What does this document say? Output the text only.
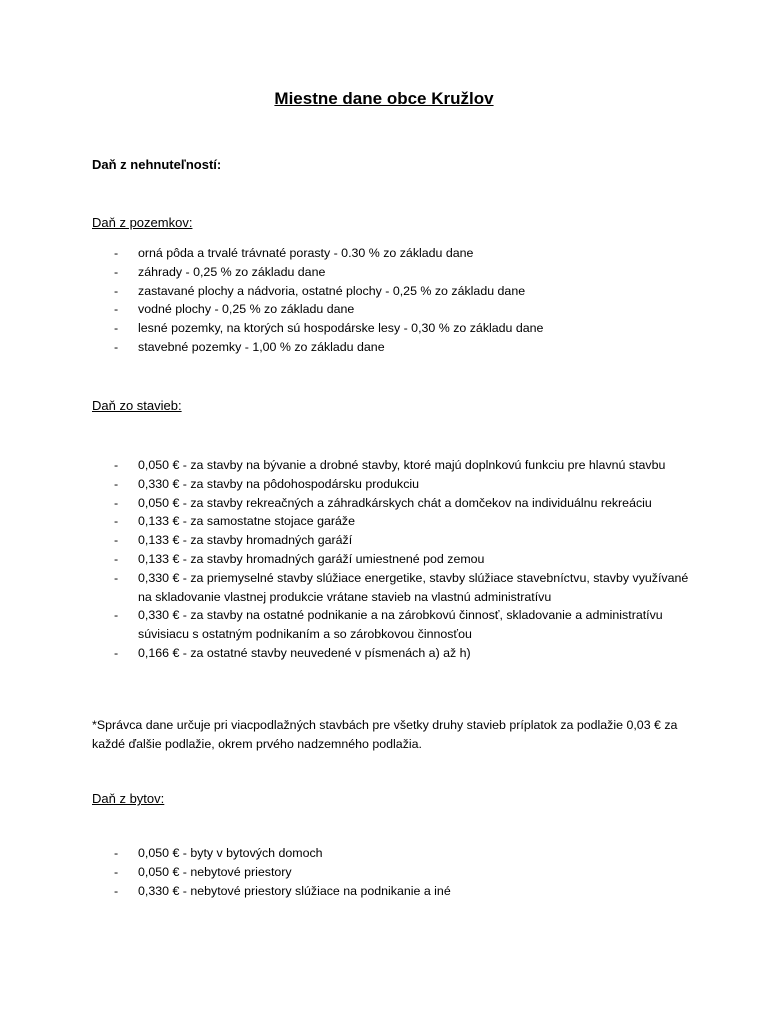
Miestne dane obce Kružlov
Daň z nehnuteľností:
Daň z pozemkov:
- orná pôda a trvalé trávnaté porasty - 0.30 % zo základu dane
- záhrady - 0,25 % zo základu dane
- zastavané plochy a nádvoria, ostatné plochy - 0,25 % zo základu dane
- vodné plochy - 0,25 % zo základu dane
- lesné pozemky, na ktorých sú hospodárske lesy - 0,30 % zo základu dane
- stavebné pozemky - 1,00 % zo základu dane
Daň zo stavieb:
- 0,050 € - za stavby na bývanie a drobné stavby, ktoré majú doplnkovú funkciu pre hlavnú stavbu
- 0,330 € - za stavby na pôdohospodársku produkciu
- 0,050 € - za stavby rekreačných a záhradkárskych chát a domčekov na individuálnu rekreáciu
- 0,133 € - za samostatne stojace garáže
- 0,133 € - za stavby hromadných garáží
- 0,133 € - za stavby hromadných garáží umiestnené pod zemou
- 0,330 € - za priemyselné stavby slúžiace energetike, stavby slúžiace stavebníctvu, stavby využívané na skladovanie vlastnej produkcie vrátane stavieb na vlastnú administratívu
- 0,330 € - za stavby na ostatné podnikanie a na zárobkovú činnosť, skladovanie a administratívu súvisiacu s ostatným podnikaním a so zárobkovou činnosťou
- 0,166 € - za ostatné stavby neuvedené v písmenách a) až h)
*Správca dane určuje pri viacpodlažných stavbách pre všetky druhy stavieb príplatok za podlažie 0,03 € za každé ďalšie podlažie, okrem prvého nadzemného podlažia.
Daň z bytov:
- 0,050 € - byty v bytových domoch
- 0,050 € - nebytové priestory
- 0,330 € - nebytové priestory slúžiace na podnikanie a iné
